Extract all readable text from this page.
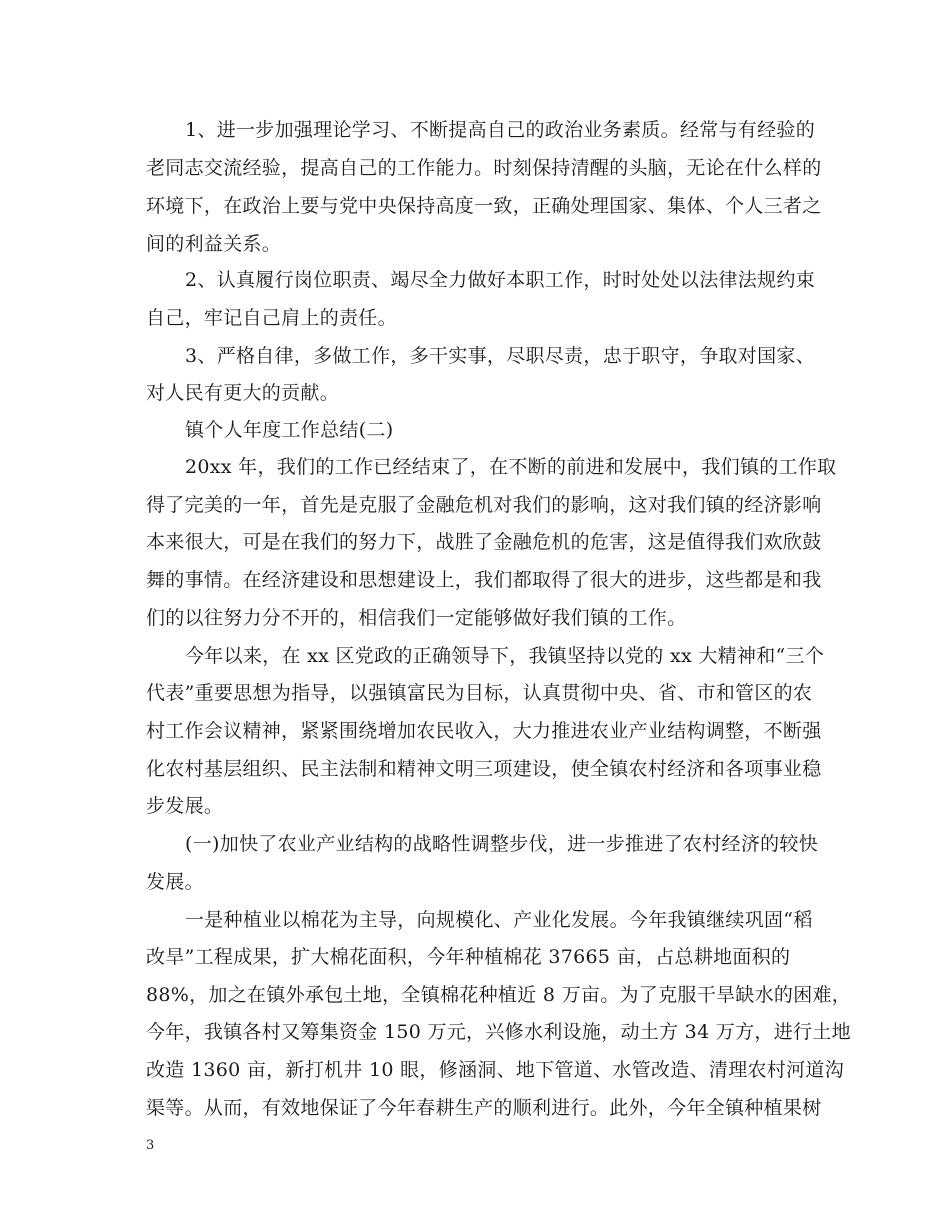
1、进一步加强理论学习、不断提高自己的政治业务素质。经常与有经验的
老同志交流经验，提高自己的工作能力。时刻保持清醒的头脑，无论在什么样的
环境下，在政治上要与党中央保持高度一致，正确处理国家、集体、个人三者之
间的利益关系。
2、认真履行岗位职责、竭尽全力做好本职工作，时时处处以法律法规约束
自己，牢记自己肩上的责任。
3、严格自律，多做工作，多干实事，尽职尽责，忠于职守，争取对国家、
对人民有更大的贡献。
镇个人年度工作总结(二)
20xx 年，我们的工作已经结束了，在不断的前进和发展中，我们镇的工作取
得了完美的一年，首先是克服了金融危机对我们的影响，这对我们镇的经济影响
本来很大，可是在我们的努力下，战胜了金融危机的危害，这是值得我们欢欣鼓
舞的事情。在经济建设和思想建设上，我们都取得了很大的进步，这些都是和我
们的以往努力分不开的，相信我们一定能够做好我们镇的工作。
今年以来，在 xx 区党政的正确领导下，我镇坚持以党的 xx 大精神和“三个
代表”重要思想为指导，以强镇富民为目标，认真贯彻中央、省、市和管区的农
村工作会议精神，紧紧围绕增加农民收入，大力推进农业产业结构调整，不断强
化农村基层组织、民主法制和精神文明三项建设，使全镇农村经济和各项事业稳
步发展。
(一)加快了农业产业结构的战略性调整步伐，进一步推进了农村经济的较快
发展。
一是种植业以棉花为主导，向规模化、产业化发展。今年我镇继续巩固“稻
改旱”工程成果，扩大棉花面积，今年种植棉花 37665 亩，占总耕地面积的
88%，加之在镇外承包土地，全镇棉花种植近 8 万亩。为了克服干旱缺水的困难，
今年，我镇各村又筹集资金 150 万元，兴修水利设施，动土方 34 万方，进行土地
改造 1360 亩，新打机井 10 眼，修涵洞、地下管道、水管改造、清理农村河道沟
渠等。从而，有效地保证了今年春耕生产的顺利进行。此外，今年全镇种植果树
3
